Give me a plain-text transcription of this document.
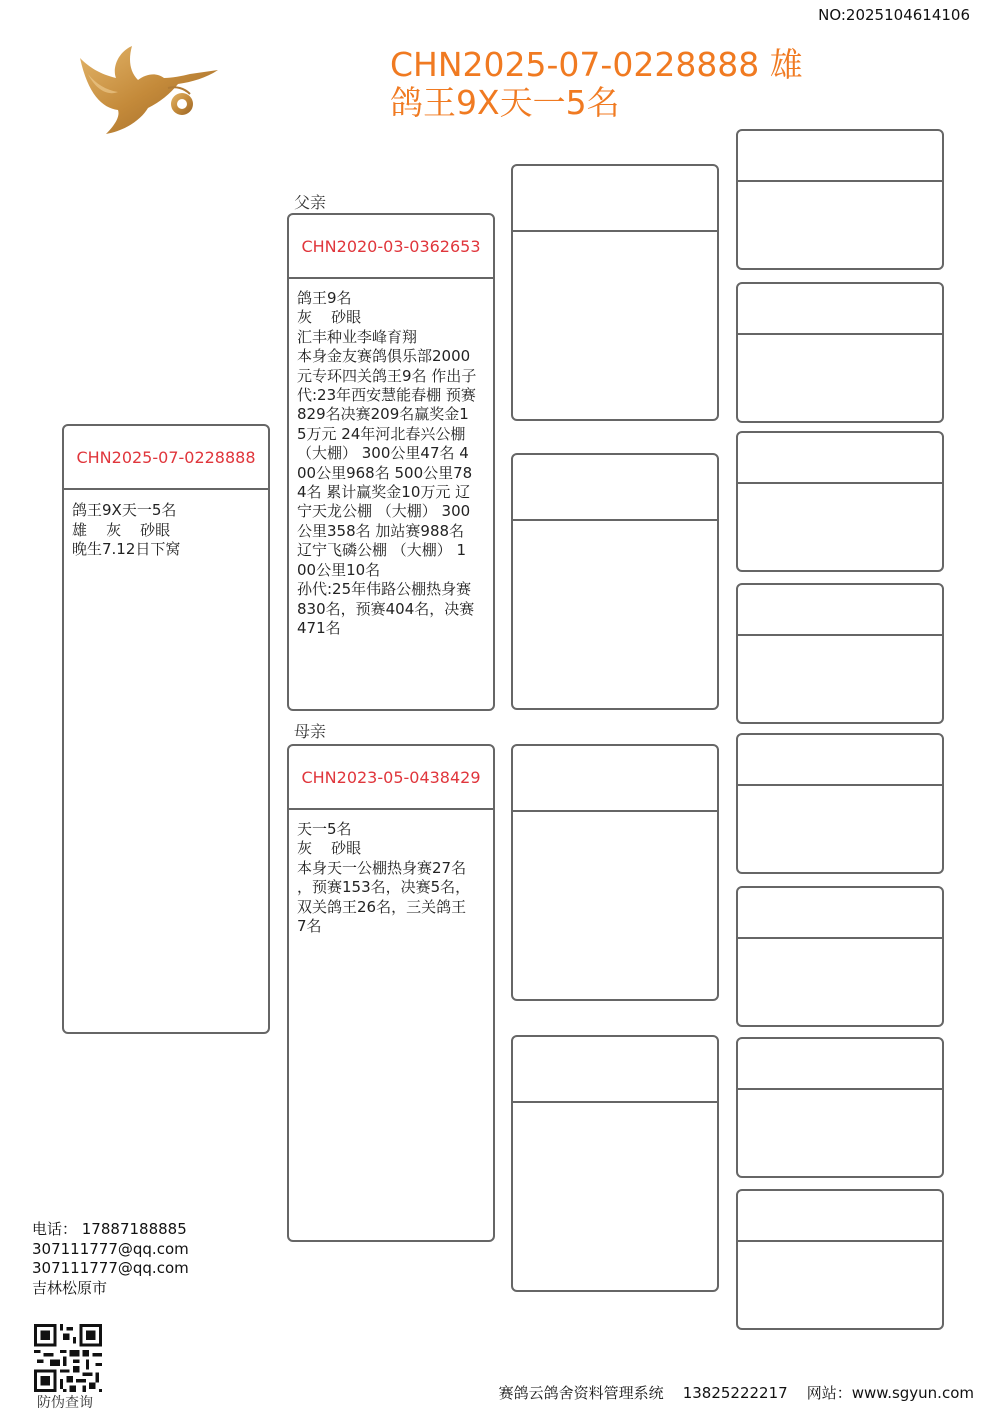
NO:2025104614106
CHN2025-07-0228888 雄
鸽王9X天一5名
CHN2025-07-0228888
鸽王9X天一5名
雄    灰    砂眼
晚生7.12日下窝
父亲
CHN2020-03-0362653
鸽王9名
灰    砂眼
汇丰种业李峰育翔
本身金友赛鸽俱乐部2000
元专环四关鸽王9名 作出子
代:23年西安慧能春棚 预赛
829名决赛209名赢奖金1
5万元 24年河北春兴公棚
（大棚） 300公里47名 4
00公里968名 500公里78
4名 累计赢奖金10万元 辽
宁天龙公棚 （大棚） 300
公里358名 加站赛988名
辽宁飞磷公棚 （大棚） 1
00公里10名
孙代:25年伟路公棚热身赛
830名，预赛404名，决赛
471名
母亲
CHN2023-05-0438429
天一5名
灰    砂眼
本身天一公棚热身赛27名
，预赛153名，决赛5名，
双关鸽王26名，三关鸽王
7名
电话： 17887188885
307111777@qq.com
307111777@qq.com
吉林松原市
防伪查询
赛鸽云鸽舍资料管理系统    13825222217    网站：www.sgyun.com
